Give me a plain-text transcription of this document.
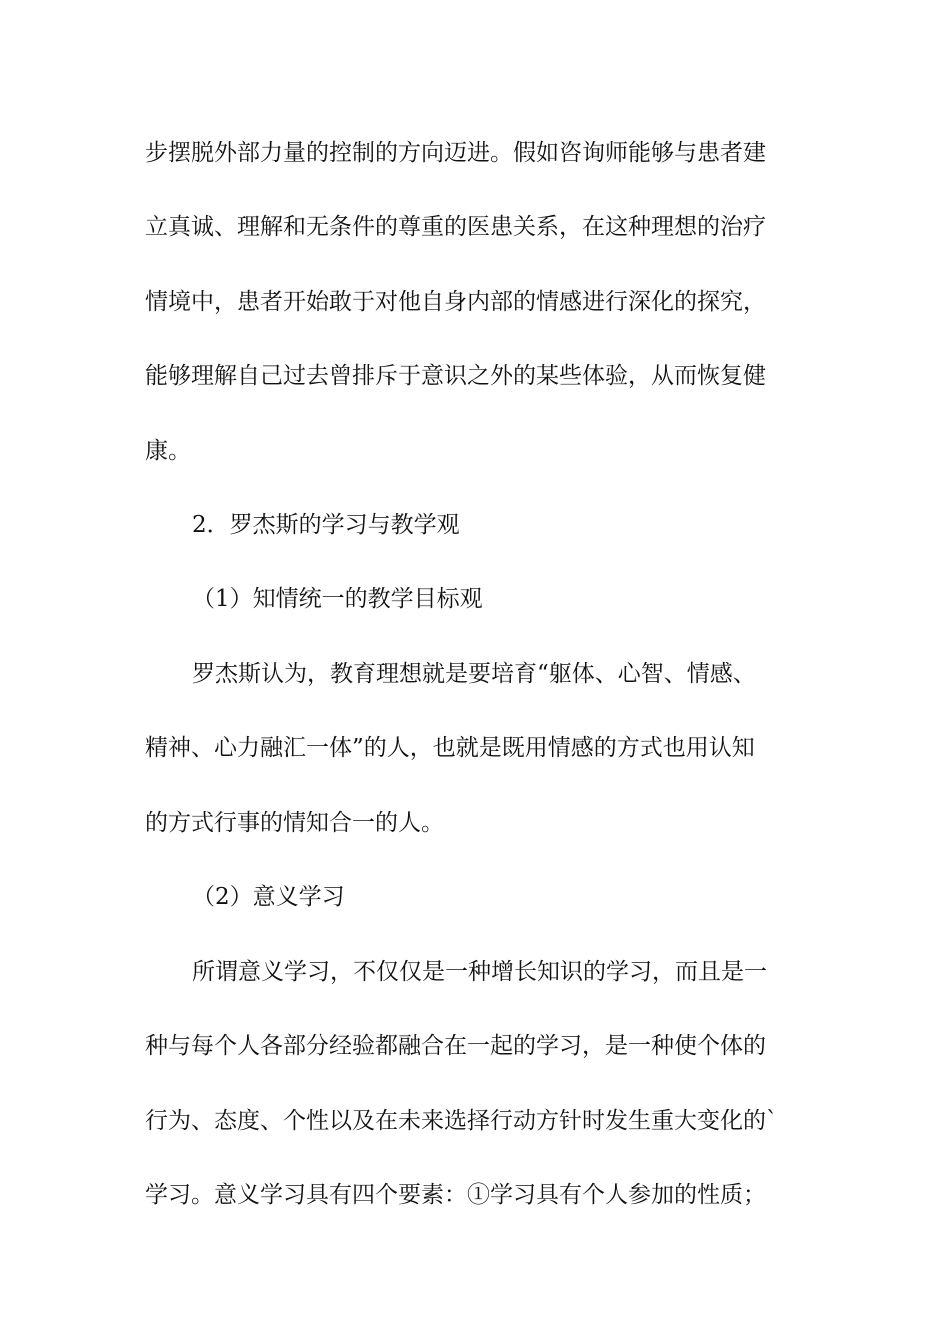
步摆脱外部力量的控制的方向迈进。假如咨询师能够与患者建
立真诚、理解和无条件的尊重的医患关系，在这种理想的治疗
情境中，患者开始敢于对他自身内部的情感进行深化的探究，
能够理解自己过去曾排斥于意识之外的某些体验，从而恢复健
康。
2．罗杰斯的学习与教学观
（1）知情统一的教学目标观
罗杰斯认为，教育理想就是要培育“躯体、心智、情感、
精神、心力融汇一体”的人，也就是既用情感的方式也用认知
的方式行事的情知合一的人。
（2）意义学习
所谓意义学习，不仅仅是一种增长知识的学习，而且是一
种与每个人各部分经验都融合在一起的学习，是一种使个体的
行为、态度、个性以及在未来选择行动方针时发生重大变化的`
学习。意义学习具有四个要素：①学习具有个人参加的性质；
